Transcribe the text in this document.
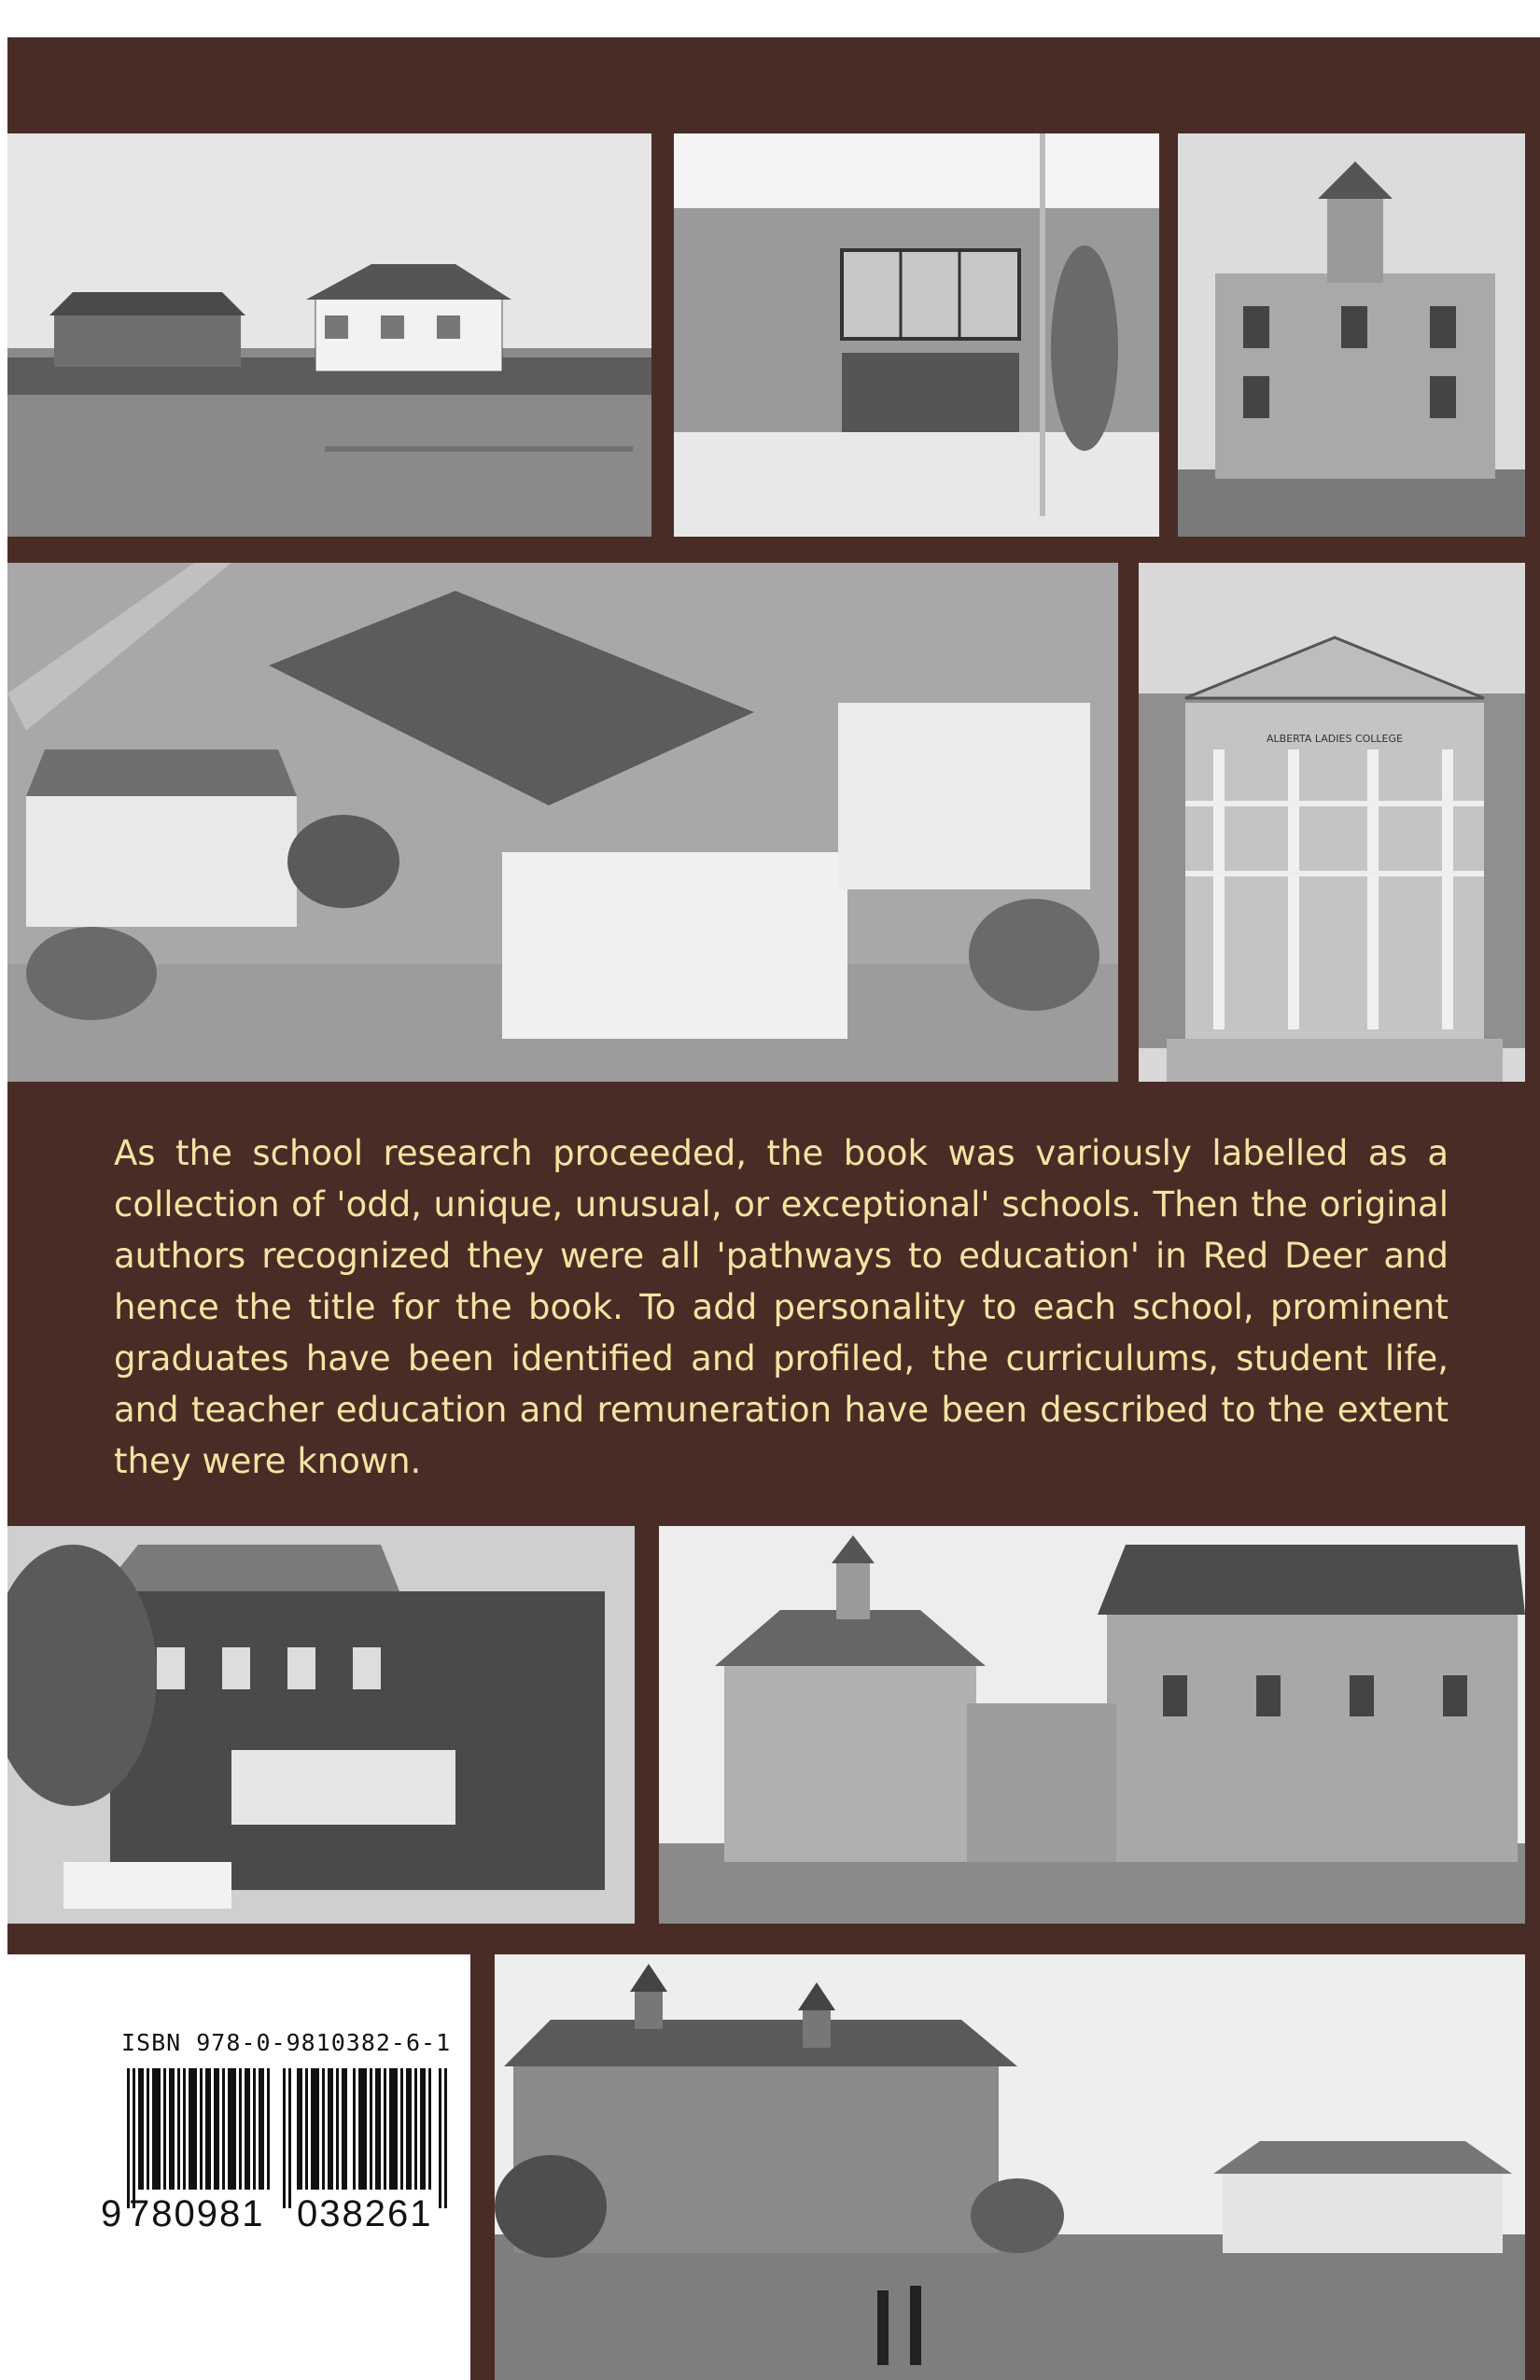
ALBERTA LADIES COLLEGE

As the school research proceeded, the book was variously labelled as a collection of 'odd, unique, unusual, or exceptional' schools. Then the original authors recognized they were all 'pathways to education' in Red Deer and hence the title for the book. To add personality to each school, prominent graduates have been identified and profiled, the curriculums, student life, and teacher education and remuneration have been described to the extent they were known.

ISBN 978-0-9810382-6-1
9 780981 038261
